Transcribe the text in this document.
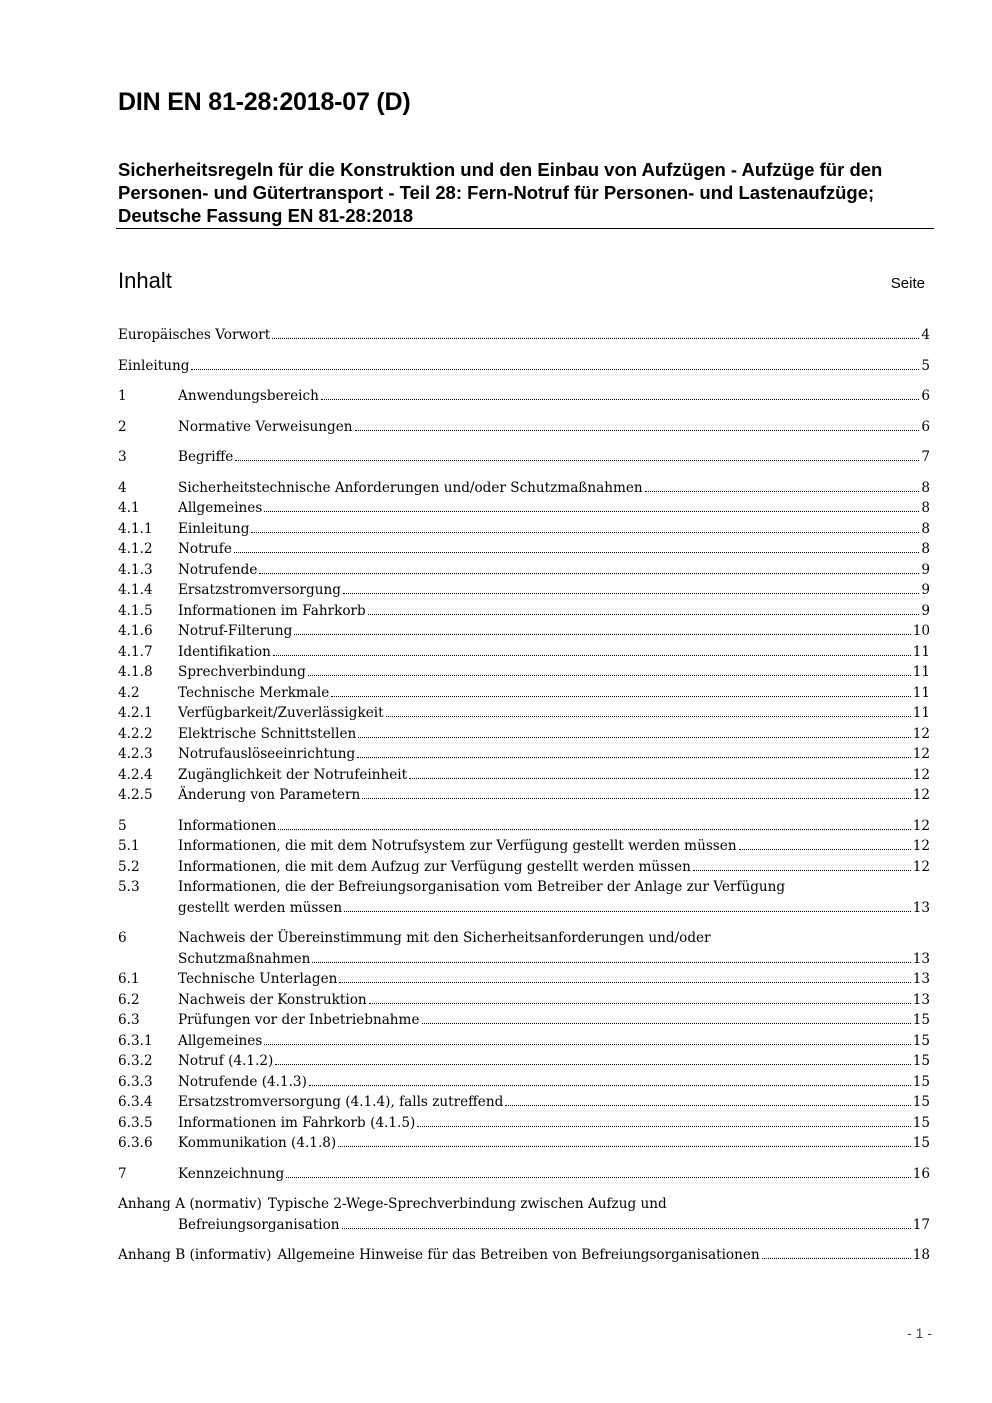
DIN EN 81-28:2018-07 (D)
Sicherheitsregeln für die Konstruktion und den Einbau von Aufzügen - Aufzüge für den Personen- und Gütertransport - Teil 28: Fern-Notruf für Personen- und Lastenaufzüge; Deutsche Fassung EN 81-28:2018
Inhalt	Seite
Europäisches Vorwort	4
Einleitung	5
1	Anwendungsbereich	6
2	Normative Verweisungen	6
3	Begriffe	7
4	Sicherheitstechnische Anforderungen und/oder Schutzmaßnahmen	8
4.1	Allgemeines	8
4.1.1 Einleitung	8
4.1.2 Notrufe	8
4.1.3 Notrufende	9
4.1.4 Ersatzstromversorgung	9
4.1.5 Informationen im Fahrkorb	9
4.1.6 Notruf-Filterung	10
4.1.7 Identifikation	11
4.1.8 Sprechverbindung	11
4.2	Technische Merkmale	11
4.2.1 Verfügbarkeit/Zuverlässigkeit	11
4.2.2 Elektrische Schnittstellen	12
4.2.3 Notrufauslöseeinrichtung	12
4.2.4 Zugänglichkeit der Notrufeinheit	12
4.2.5 Änderung von Parametern	12
5	Informationen	12
5.1	Informationen, die mit dem Notrufsystem zur Verfügung gestellt werden müssen	12
5.2	Informationen, die mit dem Aufzug zur Verfügung gestellt werden müssen	12
5.3	Informationen, die der Befreiungsorganisation vom Betreiber der Anlage zur Verfügung
gestellt werden müssen	13
6	Nachweis der Übereinstimmung mit den Sicherheitsanforderungen und/oder
Schutzmaßnahmen	13
6.1	Technische Unterlagen	13
6.2	Nachweis der Konstruktion	13
6.3	Prüfungen vor der Inbetriebnahme	15
6.3.1 Allgemeines	15
6.3.2 Notruf (4.1.2)	15
6.3.3 Notrufende (4.1.3)	15
6.3.4 Ersatzstromversorgung (4.1.4), falls zutreffend	15
6.3.5 Informationen im Fahrkorb (4.1.5)	15
6.3.6 Kommunikation (4.1.8)	15
7	Kennzeichnung	16
Anhang A (normativ) Typische 2-Wege-Sprechverbindung zwischen Aufzug und
Befreiungsorganisation	17
Anhang B (informativ) Allgemeine Hinweise für das Betreiben von Befreiungsorganisationen	18
- 1 -
